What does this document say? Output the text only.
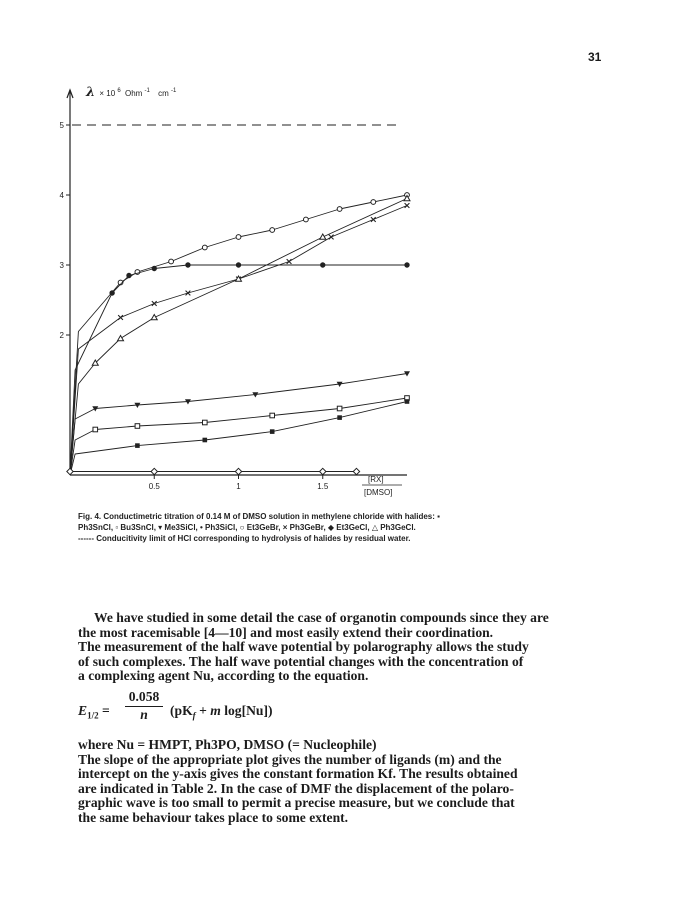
31
2
3
4
5
0.5	1	1.5
λ × 10 $^6$ Ohm $^{-1}$ cm $^{-1}$
[RX]
[DMSO]
Fig. 4. Conductimetric titration of 0.14 M of DMSO solution in methylene chloride with halides: ▪
Ph3SnCl, ▫ Bu3SnCl, ▾ Me3SiCl, • Ph3SiCl, ○ Et3GeBr, × Ph3GeBr, ◆ Et3GeCl, △ Ph3GeCl.
------ Conducitivity limit of HCl corresponding to hydrolysis of halides by residual water.

We have studied in some detail the case of organotin compounds since they are

the most racemisable [4—10] and most easily extend their coordination.

The measurement of the half wave potential by polarography allows the study

of such complexes. The half wave potential changes with the concentration of

a complexing agent Nu, according to the equation.

$E_{1/2} = \frac{0.058}{n} (pK_f + m$ log[Nu])

where Nu = HMPT, Ph3PO, DMSO (= Nucleophile)

The slope of the appropriate plot gives the number of ligands (m) and the

intercept on the y-axis gives the constant formation Kf. The results obtained

are indicated in Table 2. In the case of DMF the displacement of the polaro-

graphic wave is too small to permit a precise measure, but we conclude that

the same behaviour takes place to some extent.
